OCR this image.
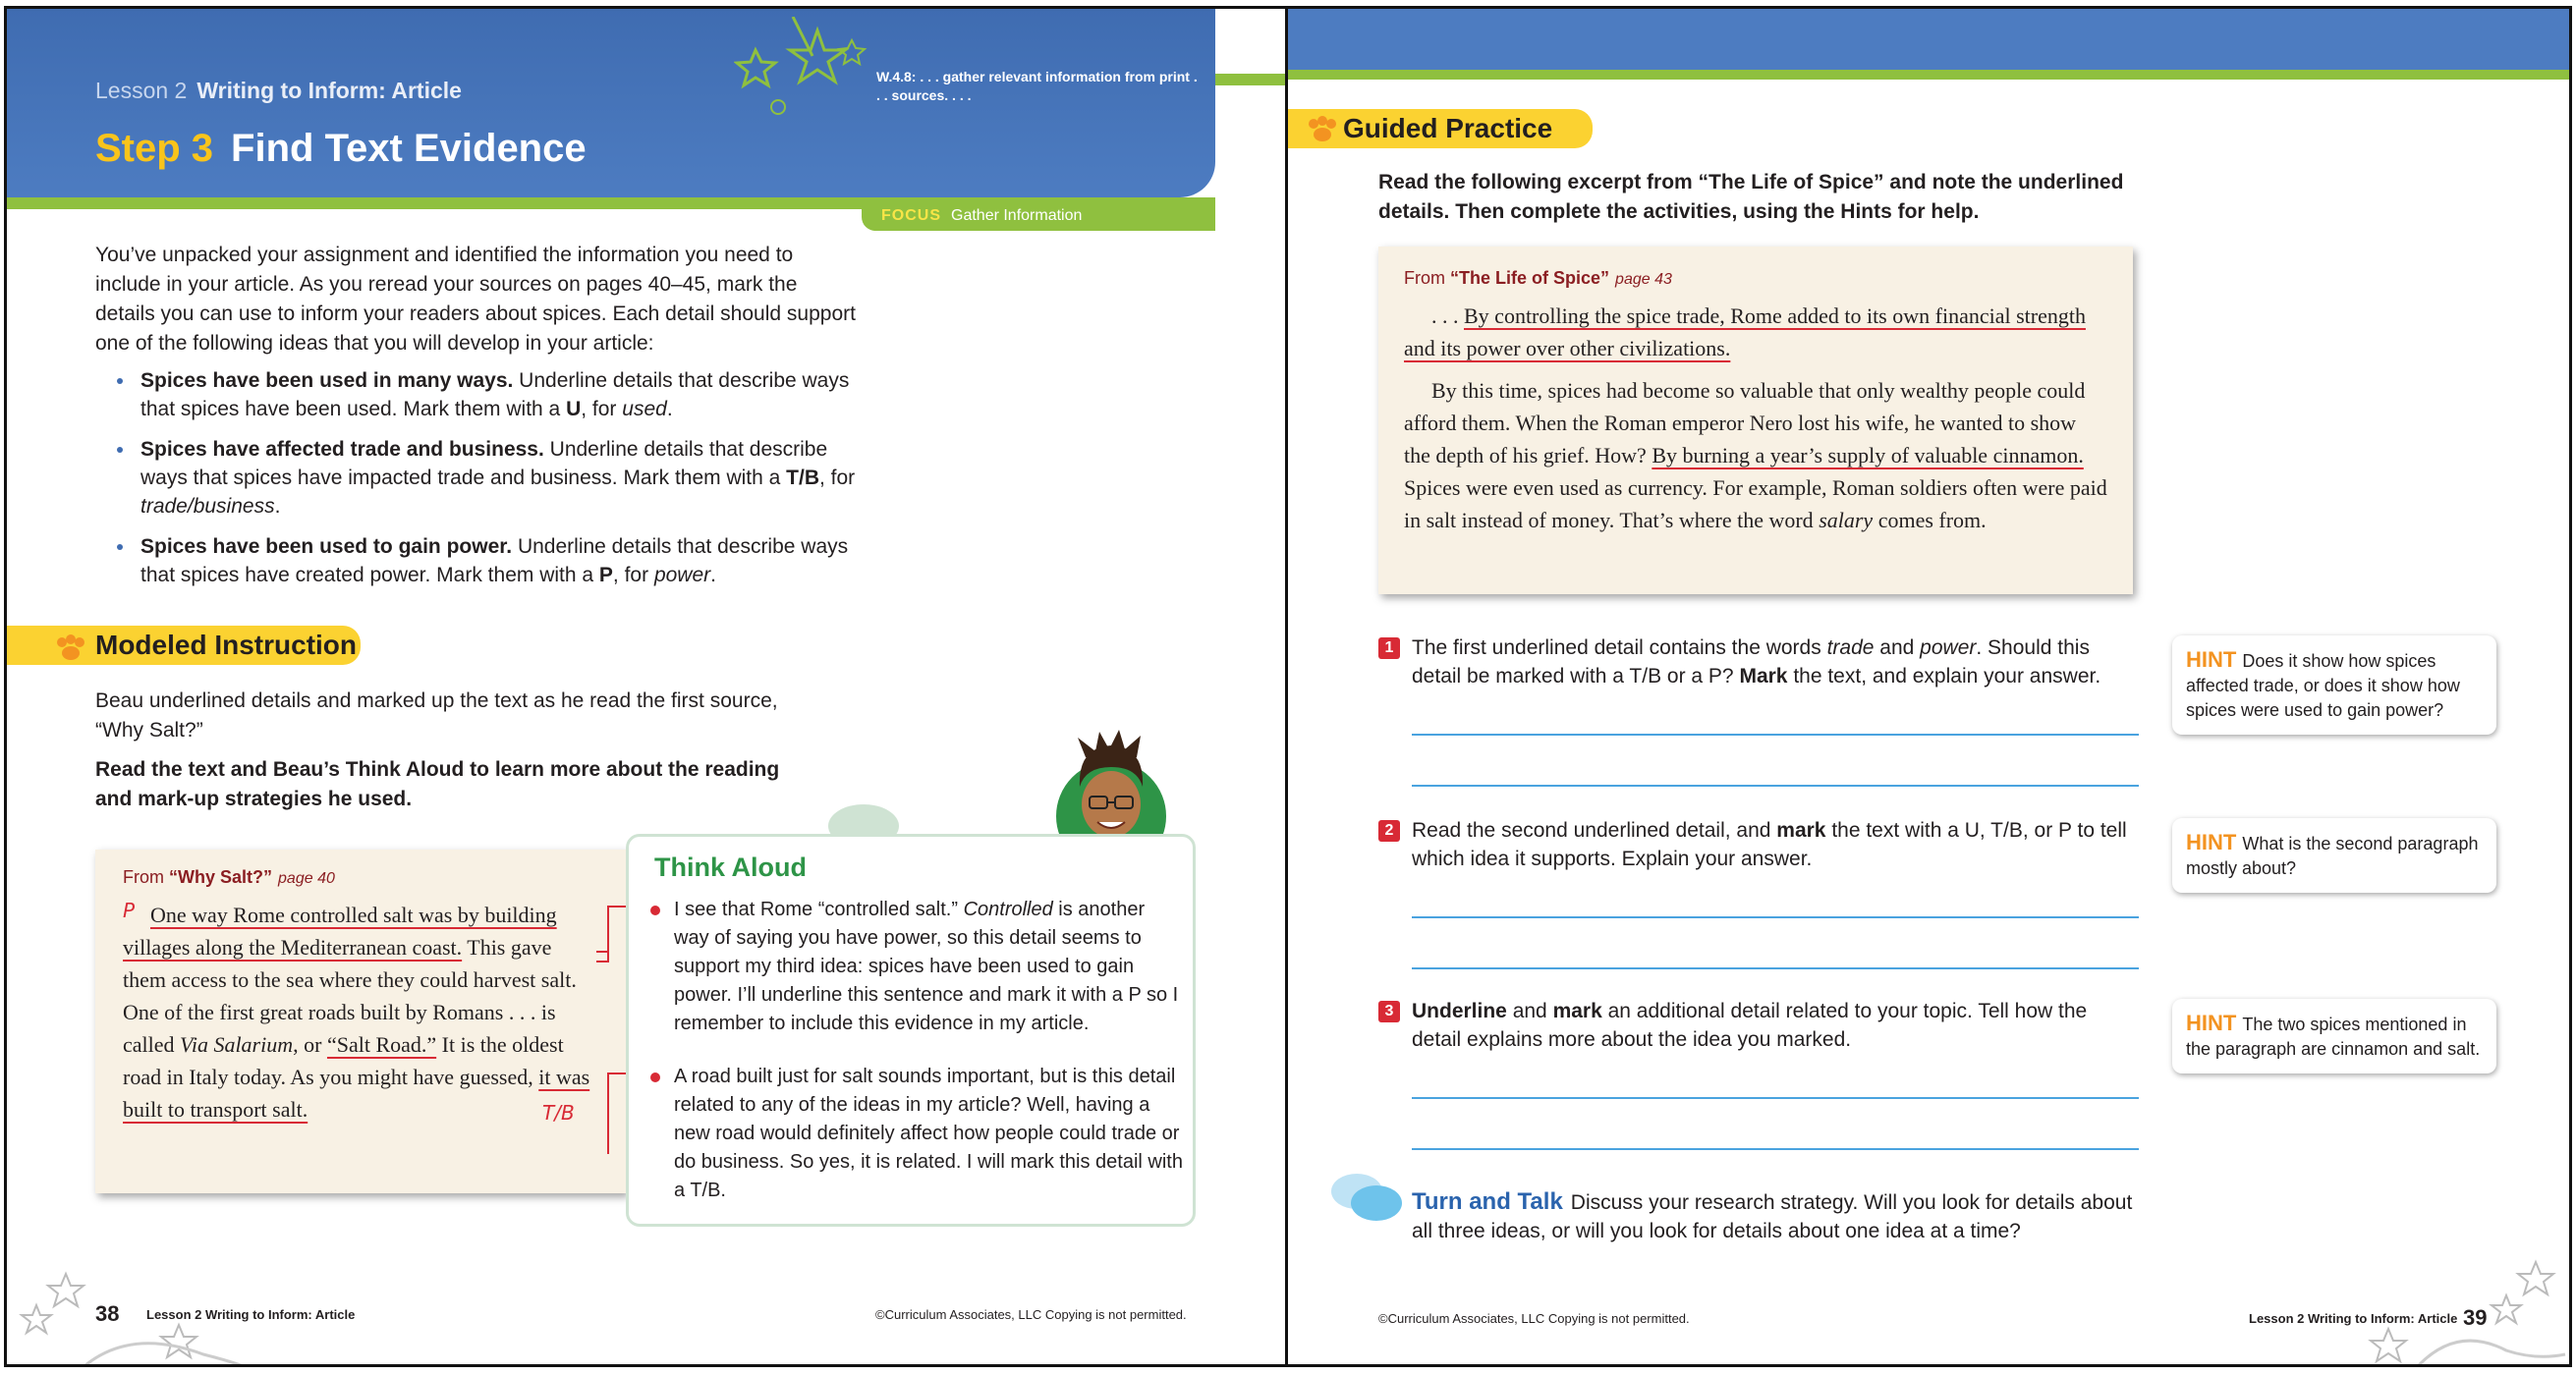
Lesson 2 Writing to Inform: Article
Step 3 Find Text Evidence
W.4.8: . . . gather relevant information from print . . . sources. . . .
FOCUS Gather Information
You’ve unpacked your assignment and identified the information you need to include in your article. As you reread your sources on pages 40–45, mark the details you can use to inform your readers about spices. Each detail should support one of the following ideas that you will develop in your article:
Spices have been used in many ways. Underline details that describe ways that spices have been used. Mark them with a U, for used.
Spices have affected trade and business. Underline details that describe ways that spices have impacted trade and business. Mark them with a T/B, for trade/business.
Spices have been used to gain power. Underline details that describe ways that spices have created power. Mark them with a P, for power.
Modeled Instruction
Beau underlined details and marked up the text as he read the first source, “Why Salt?”
Read the text and Beau’s Think Aloud to learn more about the reading and mark-up strategies he used.
From “Why Salt?” page 40
P
T/B
One way Rome controlled salt was by building villages along the Mediterranean coast. This gave them access to the sea where they could harvest salt. One of the first great roads built by Romans . . . is called Via Salarium, or “Salt Road.” It is the oldest road in Italy today. As you might have guessed, it was built to transport salt.
Think Aloud
I see that Rome “controlled salt.” Controlled is another way of saying you have power, so this detail seems to support my third idea: spices have been used to gain power. I’ll underline this sentence and mark it with a P so I remember to include this evidence in my article.
A road built just for salt sounds important, but is this detail related to any of the ideas in my article? Well, having a new road would definitely affect how people could trade or do business. So yes, it is related. I will mark this detail with a T/B.
38 Lesson 2 Writing to Inform: Article	©Curriculum Associates, LLC Copying is not permitted.
Guided Practice
Read the following excerpt from “The Life of Spice” and note the underlined details. Then complete the activities, using the Hints for help.
From “The Life of Spice” page 43
. . . By controlling the spice trade, Rome added to its own financial strength and its power over other civilizations.
By this time, spices had become so valuable that only wealthy people could afford them. When the Roman emperor Nero lost his wife, he wanted to show the depth of his grief. How? By burning a year’s supply of valuable cinnamon. Spices were even used as currency. For example, Roman soldiers often were paid in salt instead of money. That’s where the word salary comes from.
1 The first underlined detail contains the words trade and power. Should this detail be marked with a T/B or a P? Mark the text, and explain your answer.
HINT Does it show how spices affected trade, or does it show how spices were used to gain power?
2 Read the second underlined detail, and mark the text with a U, T/B, or P to tell which idea it supports. Explain your answer.
HINT What is the second paragraph mostly about?
3 Underline and mark an additional detail related to your topic. Tell how the detail explains more about the idea you marked.
HINT The two spices mentioned in the paragraph are cinnamon and salt.
Turn and Talk Discuss your research strategy. Will you look for details about all three ideas, or will you look for details about one idea at a time?
©Curriculum Associates, LLC Copying is not permitted.	Lesson 2 Writing to Inform: Article 39
